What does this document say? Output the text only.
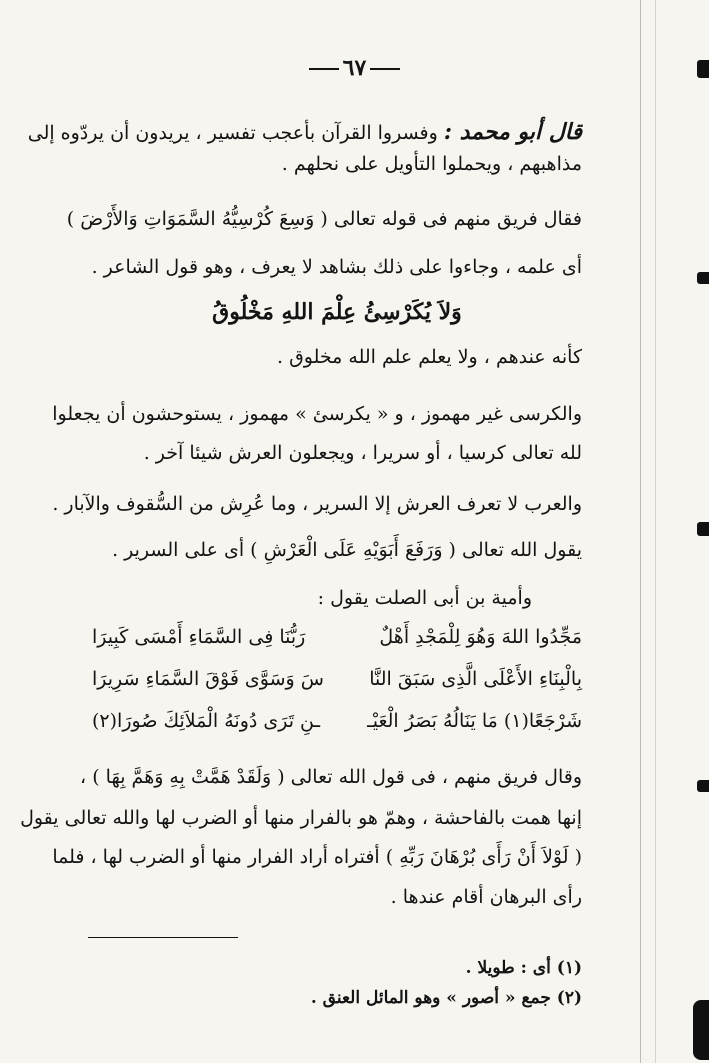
٦٧
قال أبو محمد : وفسروا القرآن بأعجب تفسير ، يريدون أن يردّوه إلى
مذاهبهم ، ويحملوا التأويل على نحلهم .
فقال فريق منهم فى قوله تعالى ( وَسِعَ كُرْسِيُّهُ السَّمَوَاتِ وَالأَرْضَ )
أى علمه ، وجاءوا على ذلك بشاهد لا يعرف ، وهو قول الشاعر .
وَلاَ يُكَرْسِئُ عِلْمَ اللهِ مَخْلُوقُ
كأنه عندهم ، ولا يعلم علم الله مخلوق .
والكرسى غير مهموز ، و « يكرسئ » مهموز ، يستوحشون أن يجعلوا
لله تعالى كرسيا ، أو سريرا ، ويجعلون العرش شيئا آخر .
والعرب لا تعرف العرش إلا السرير ، وما عُرِش من السُّقوف والآبار .
يقول الله تعالى ( وَرَفَعَ أَبَوَيْهِ عَلَى الْعَرْشِ ) أى على السرير .
وأمية بن أبى الصلت يقول :
مَجِّدُوا اللهَ وَهُوَ لِلْمَجْدِ أَهْلٌ
رَبُّنَا فِى السَّمَاءِ أَمْسَى كَبِيرَا
بِالْبِنَاءِ الأَعْلَى الَّذِى سَبَقَ النَّا
سَ وَسَوَّى فَوْقَ السَّمَاءِ سَرِيرَا
شَرْجَعًا(١) مَا يَنَالُهُ بَصَرُ الْعَيْـ
ـنِ تَرَى دُونَهُ الْمَلاَئِكَ صُورَا(٢)
وقال فريق منهم ، فى قول الله تعالى ( وَلَقَدْ هَمَّتْ بِهِ وَهَمَّ بِهَا ) ،
إنها همت بالفاحشة ، وهمّ هو بالفرار منها أو الضرب لها والله تعالى يقول
( لَوْلاَ أَنْ رَأَى بُرْهَانَ رَبِّهِ ) أفتراه أراد الفرار منها أو الضرب لها ، فلما
رأى البرهان أقام عندها .
(١) أى : طويلا .
(٢) جمع « أصور » وهو المائل العنق .
